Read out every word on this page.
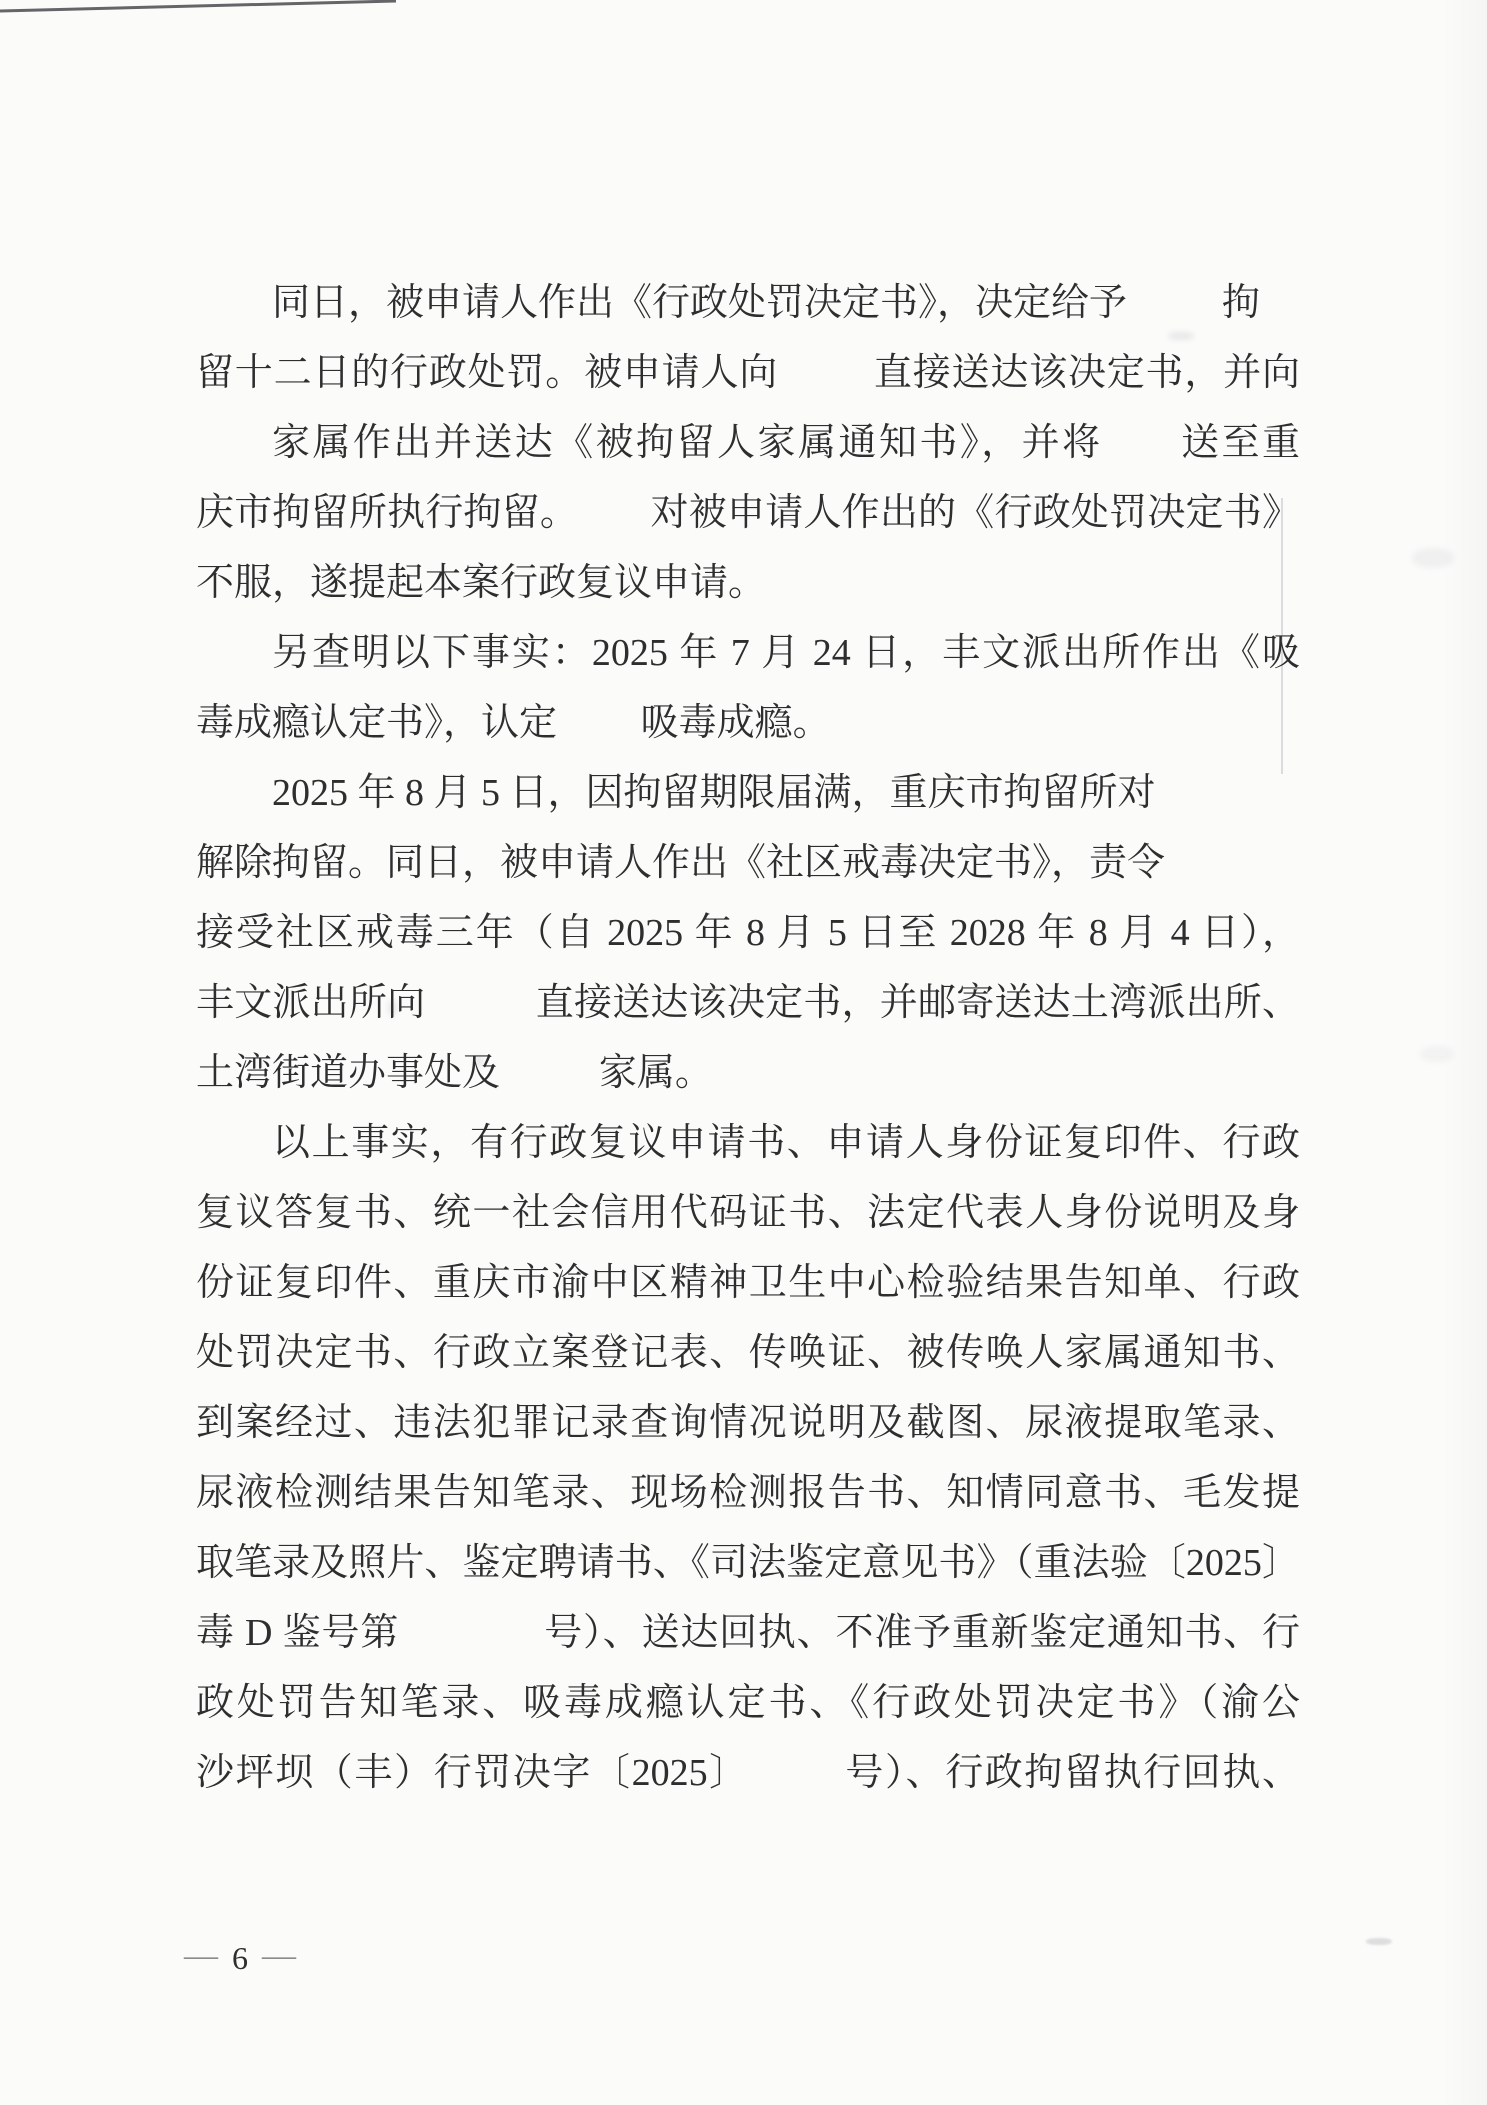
同日，被申请人作出《行政处罚决定书》，决定给予	拘
留十二日的行政处罚。被申请人向	直接送达该决定书，并向
家属作出并送达《被拘留人家属通知书》，并将 送至重
庆市拘留所执行拘留。 对被申请人作出的《行政处罚决定书》
不服，遂提起本案行政复议申请。
另查明以下事实：2025 年 7 月 24 日，丰文派出所作出《吸
毒成瘾认定书》，认定 吸毒成瘾。
2025 年 8 月 5 日，因拘留期限届满，重庆市拘留所对
解除拘留。同日，被申请人作出《社区戒毒决定书》，责令
接受社区戒毒三年（自 2025 年 8 月 5 日至 2028 年 8 月 4 日），
丰文派出所向	直接送达该决定书，并邮寄送达土湾派出所、
土湾街道办事处及	家属。
以上事实，有行政复议申请书、申请人身份证复印件、行政
复议答复书、统一社会信用代码证书、法定代表人身份说明及身
份证复印件、重庆市渝中区精神卫生中心检验结果告知单、行政
处罚决定书、行政立案登记表、传唤证、被传唤人家属通知书、
到案经过、违法犯罪记录查询情况说明及截图、尿液提取笔录、
尿液检测结果告知笔录、现场检测报告书、知情同意书、毛发提
取笔录及照片、鉴定聘请书、《司法鉴定意见书》（重法验〔2025〕
毒 D 鉴号第	号）、送达回执、不准予重新鉴定通知书、行
政处罚告知笔录、吸毒成瘾认定书、《行政处罚决定书》（渝公
沙坪坝（丰）行罚决字〔2025〕	号）、行政拘留执行回执、
— 6 —
